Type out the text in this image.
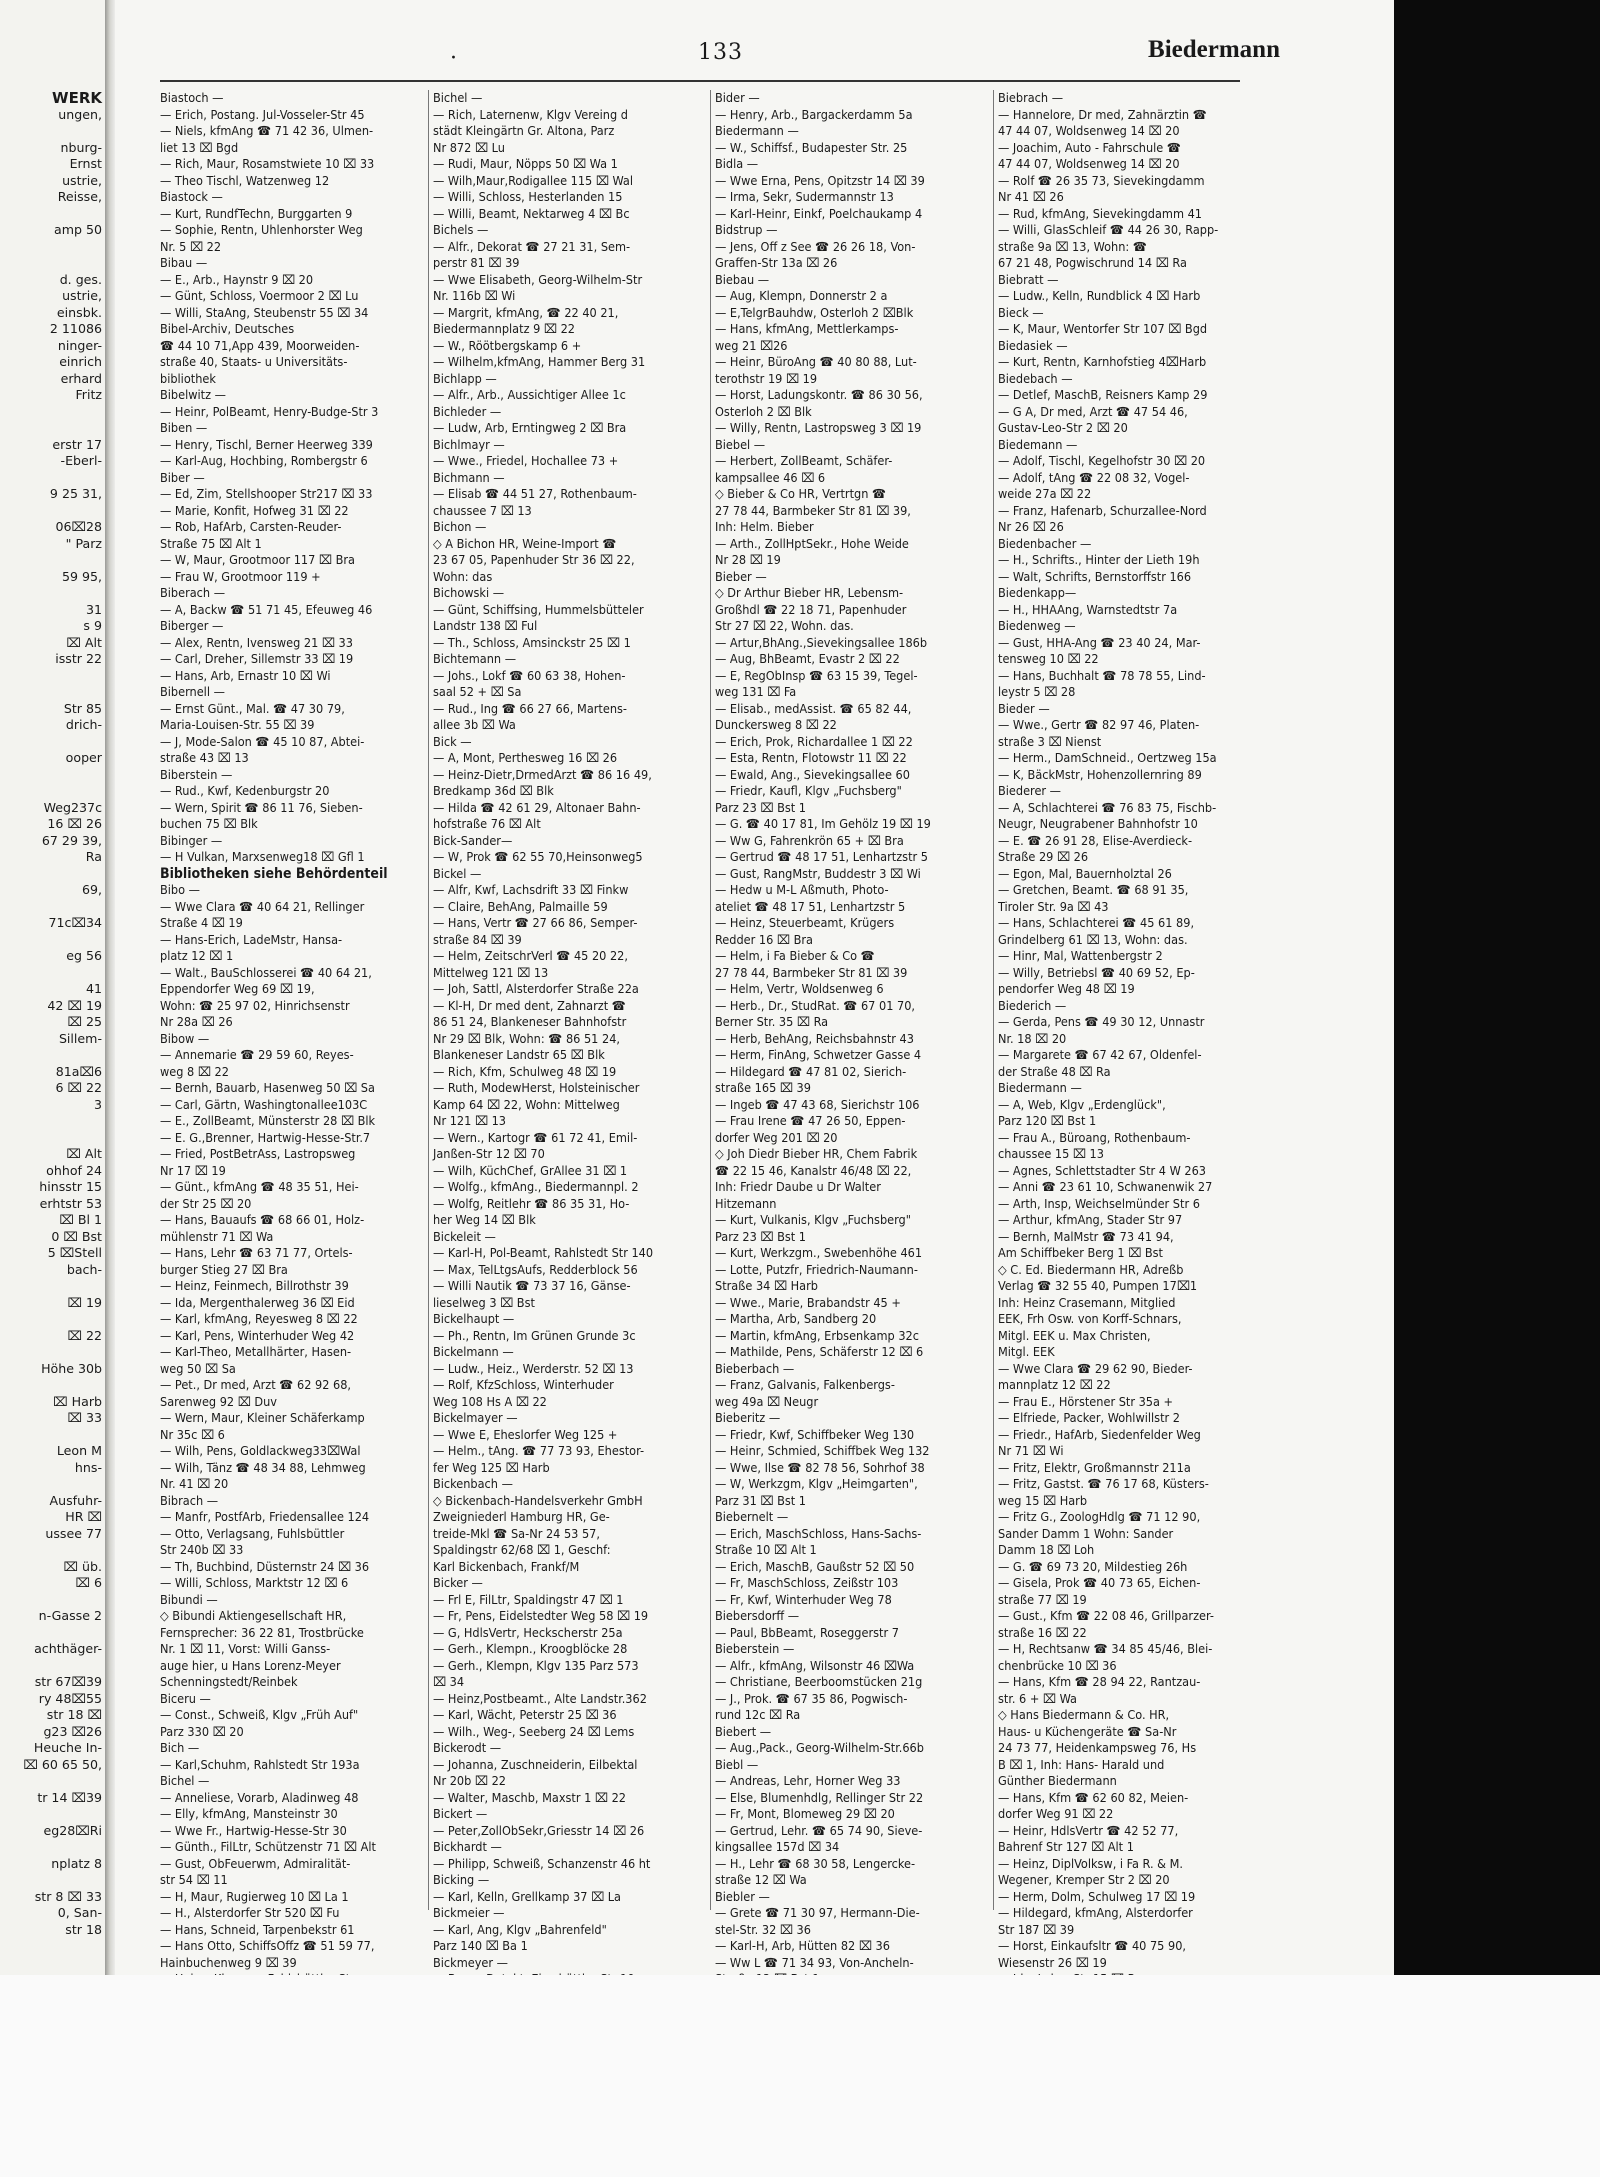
WERK
ungen,
nburg-
Ernst
ustrie,
Reisse,
amp 50
d. ges.
ustrie,
einsbk.
2 11086
ninger-
einrich
erhard
Fritz
erstr 17
-Eberl-
9 25 31,
06⌧28
" Parz
59 95,
31
s 9
⌧ Alt
isstr 22
Str 85
drich-
ooper
Weg237c
16 ⌧ 26
67 29 39,
Ra
69,
71c⌧34
eg 56
41
42 ⌧ 19
⌧ 25
Sillem-
81a⌧6
6 ⌧ 22
3
⌧ Alt
ohhof 24
hinsstr 15
erhtstr 53
⌧ Bl 1
0 ⌧ Bst
5 ⌧Stell
bach-
⌧ 19
⌧ 22
Höhe 30b
⌧ Harb
⌧ 33
Leon M
hns-
Ausfuhr-
HR ⌧
ussee 77
⌧ üb.
⌧ 6
n-Gasse 2
achthäger-
str 67⌧39
ry 48⌧55
str 18 ⌧
g23 ⌧26
Heuche In-
⌧ 60 65 50,
tr 14 ⌧39
eg28⌧Ri
nplatz 8
str 8 ⌧ 33
0, San-
str 18
·	133	Biedermann
Biastoch —
— Erich, Postang. Jul-Vosseler-Str 45
— Niels, kfmAng ☎ 71 42 36, Ulmen-
liet 13 ⌧ Bgd
— Rich, Maur, Rosamstwiete 10 ⌧ 33
— Theo Tischl, Watzenweg 12
Biastock —
— Kurt, RundfTechn, Burggarten 9
— Sophie, Rentn, Uhlenhorster Weg
Nr. 5 ⌧ 22
Bibau —
— E., Arb., Haynstr 9 ⌧ 20
— Günt, Schloss, Voermoor 2 ⌧ Lu
— Willi, StaAng, Steubenstr 55 ⌧ 34
Bibel-Archiv, Deutsches
☎ 44 10 71,App 439, Moorweiden-
straße 40, Staats- u Universitäts-
bibliothek
Bibelwitz —
— Heinr, PolBeamt, Henry-Budge-Str 3
Biben —
— Henry, Tischl, Berner Heerweg 339
— Karl-Aug, Hochbing, Rombergstr 6
Biber —
— Ed, Zim, Stellshooper Str217 ⌧ 33
— Marie, Konfit, Hofweg 31 ⌧ 22
— Rob, HafArb, Carsten-Reuder-
Straße 75 ⌧ Alt 1
— W, Maur, Grootmoor 117 ⌧ Bra
— Frau W, Grootmoor 119 +
Biberach —
— A, Backw ☎ 51 71 45, Efeuweg 46
Biberger —
— Alex, Rentn, Ivensweg 21 ⌧ 33
— Carl, Dreher, Sillemstr 33 ⌧ 19
— Hans, Arb, Ernastr 10 ⌧ Wi
Bibernell —
— Ernst Günt., Mal. ☎ 47 30 79,
Maria-Louisen-Str. 55 ⌧ 39
— J, Mode-Salon ☎ 45 10 87, Abtei-
straße 43 ⌧ 13
Biberstein —
— Rud., Kwf, Kedenburgstr 20
— Wern, Spirit ☎ 86 11 76, Sieben-
buchen 75 ⌧ Blk
Bibinger —
— H Vulkan, Marxsenweg18 ⌧ Gfl 1
Bibliotheken siehe Behördenteil
Bibo —
— Wwe Clara ☎ 40 64 21, Rellinger
Straße 4 ⌧ 19
— Hans-Erich, LadeMstr, Hansa-
platz 12 ⌧ 1
— Walt., BauSchlosserei ☎ 40 64 21,
Eppendorfer Weg 69 ⌧ 19,
Wohn: ☎ 25 97 02, Hinrichsenstr
Nr 28a ⌧ 26
Bibow —
— Annemarie ☎ 29 59 60, Reyes-
weg 8 ⌧ 22
— Bernh, Bauarb, Hasenweg 50 ⌧ Sa
— Carl, Gärtn, Washingtonallee103C
— E., ZollBeamt, Münsterstr 28 ⌧ Blk
— E. G.,Brenner, Hartwig-Hesse-Str.7
— Fried, PostBetrAss, Lastropsweg
Nr 17 ⌧ 19
— Günt., kfmAng ☎ 48 35 51, Hei-
der Str 25 ⌧ 20
— Hans, Bauaufs ☎ 68 66 01, Holz-
mühlenstr 71 ⌧ Wa
— Hans, Lehr ☎ 63 71 77, Ortels-
burger Stieg 27 ⌧ Bra
— Heinz, Feinmech, Billrothstr 39
— Ida, Mergenthalerweg 36 ⌧ Eid
— Karl, kfmAng, Reyesweg 8 ⌧ 22
— Karl, Pens, Winterhuder Weg 42
— Karl-Theo, Metallhärter, Hasen-
weg 50 ⌧ Sa
— Pet., Dr med, Arzt ☎ 62 92 68,
Sarenweg 92 ⌧ Duv
— Wern, Maur, Kleiner Schäferkamp
Nr 35c ⌧ 6
— Wilh, Pens, Goldlackweg33⌧Wal
— Wilh, Tänz ☎ 48 34 88, Lehmweg
Nr. 41 ⌧ 20
Bibrach —
— Manfr, PostfArb, Friedensallee 124
— Otto, Verlagsang, Fuhlsbüttler
Str 240b ⌧ 33
— Th, Buchbind, Düsternstr 24 ⌧ 36
— Willi, Schloss, Marktstr 12 ⌧ 6
Bibundi —
◇ Bibundi Aktiengesellschaft HR,
Fernsprecher: 36 22 81, Trostbrücke
Nr. 1 ⌧ 11, Vorst: Willi Ganss-
auge hier, u Hans Lorenz-Meyer
Schenningstedt/Reinbek
Biceru —
— Const., Schweiß, Klgv „Früh Auf"
Parz 330 ⌧ 20
Bich —
— Karl,Schuhm, Rahlstedt Str 193a
Bichel —
— Anneliese, Vorarb, Aladinweg 48
— Elly, kfmAng, Mansteinstr 30
— Wwe Fr., Hartwig-Hesse-Str 30
— Günth., FilLtr, Schützenstr 71 ⌧ Alt
— Gust, ObFeuerwm, Admiralität-
str 54 ⌧ 11
— H, Maur, Rugierweg 10 ⌧ La 1
— H., Alsterdorfer Str 520 ⌧ Fu
— Hans, Schneid, Tarpenbekstr 61
— Hans Otto, SchiffsOffz ☎ 51 59 77,
Hainbuchenweg 9 ⌧ 39
Bichel —
— Rich, Laternenw, Klgv Vereing d
städt Kleingärtn Gr. Altona, Parz
Nr 872 ⌧ Lu
— Rudi, Maur, Nöpps 50 ⌧ Wa 1
— Wilh,Maur,Rodigallee 115 ⌧ Wal
— Willi, Schloss, Hesterlanden 15
— Willi, Beamt, Nektarweg 4 ⌧ Bc
Bichels —
— Alfr., Dekorat ☎ 27 21 31, Sem-
perstr 81 ⌧ 39
— Wwe Elisabeth, Georg-Wilhelm-Str
Nr. 116b ⌧ Wi
— Margrit, kfmAng, ☎ 22 40 21,
Biedermannplatz 9 ⌧ 22
— W., Röötbergskamp 6 +
— Wilhelm,kfmAng, Hammer Berg 31
Bichlapp —
— Alfr., Arb., Aussichtiger Allee 1c
Bichleder —
— Ludw, Arb, Erntingweg 2 ⌧ Bra
Bichlmayr —
— Wwe., Friedel, Hochallee 73 +
Bichmann —
— Elisab ☎ 44 51 27, Rothenbaum-
chaussee 7 ⌧ 13
Bichon —
◇ A Bichon HR, Weine-Import ☎
23 67 05, Papenhuder Str 36 ⌧ 22,
Wohn: das
Bichowski —
— Günt, Schiffsing, Hummelsbütteler
Landstr 138 ⌧ Ful
— Th., Schloss, Amsinckstr 25 ⌧ 1
Bichtemann —
— Johs., Lokf ☎ 60 63 38, Hohen-
saal 52 + ⌧ Sa
— Rud., Ing ☎ 66 27 66, Martens-
allee 3b ⌧ Wa
Bick —
— A, Mont, Perthesweg 16 ⌧ 26
— Heinz-Dietr,DrmedArzt ☎ 86 16 49,
Bredkamp 36d ⌧ Blk
— Hilda ☎ 42 61 29, Altonaer Bahn-
hofstraße 76 ⌧ Alt
Bick-Sander—
— W, Prok ☎ 62 55 70,Heinsonweg5
Bickel —
— Alfr, Kwf, Lachsdrift 33 ⌧ Finkw
— Claire, BehAng, Palmaille 59
— Hans, Vertr ☎ 27 66 86, Semper-
straße 84 ⌧ 39
— Helm, ZeitschrVerl ☎ 45 20 22,
Mittelweg 121 ⌧ 13
— Joh, Sattl, Alsterdorfer Straße 22a
— Kl-H, Dr med dent, Zahnarzt ☎
86 51 24, Blankeneser Bahnhofstr
Nr 29 ⌧ Blk, Wohn: ☎ 86 51 24,
Blankeneser Landstr 65 ⌧ Blk
— Rich, Kfm, Schulweg 48 ⌧ 19
— Ruth, ModewHerst, Holsteinischer
Kamp 64 ⌧ 22, Wohn: Mittelweg
Nr 121 ⌧ 13
— Wern., Kartogr ☎ 61 72 41, Emil-
Janßen-Str 12 ⌧ 70
— Wilh, KüchChef, GrAllee 31 ⌧ 1
— Wolfg., kfmAng., Biedermannpl. 2
— Wolfg, Reitlehr ☎ 86 35 31, Ho-
her Weg 14 ⌧ Blk
Bickeleit —
— Karl-H, Pol-Beamt, Rahlstedt Str 140
— Max, TelLtgsAufs, Redderblock 56
— Willi Nautik ☎ 73 37 16, Gänse-
lieselweg 3 ⌧ Bst
Bickelhaupt —
— Ph., Rentn, Im Grünen Grunde 3c
Bickelmann —
— Ludw., Heiz., Werderstr. 52 ⌧ 13
— Rolf, KfzSchloss, Winterhuder
Weg 108 Hs A ⌧ 22
Bickelmayer —
— Wwe E, Eheslorfer Weg 125 +
— Helm., tAng. ☎ 77 73 93, Ehestor-
fer Weg 125 ⌧ Harb
Bickenbach —
◇ Bickenbach-Handelsverkehr GmbH
Zweigniederl Hamburg HR, Ge-
treide-Mkl ☎ Sa-Nr 24 53 57,
Spaldingstr 62/68 ⌧ 1, Geschf:
Karl Bickenbach, Frankf/M
Bicker —
— Frl E, FilLtr, Spaldingstr 47 ⌧ 1
— Fr, Pens, Eidelstedter Weg 58 ⌧ 19
— G, HdlsVertr, Heckscherstr 25a
— Gerh., Klempn., Kroogblöcke 28
— Gerh., Klempn, Klgv 135 Parz 573
⌧ 34
— Heinz,Postbeamt., Alte Landstr.362
— Karl, Wächt, Peterstr 25 ⌧ 36
— Wilh., Weg-, Seeberg 24 ⌧ Lems
Bickerodt —
— Johanna, Zuschneiderin, Eilbektal
Nr 20b ⌧ 22
— Walter, Maschb, Maxstr 1 ⌧ 22
Bickert —
— Peter,ZollObSekr,Griesstr 14 ⌧ 26
Bickhardt —
— Philipp, Schweiß, Schanzenstr 46 ht
Bicking —
— Karl, Kelln, Grellkamp 37 ⌧ La
Bickmeier —
— Karl, Ang, Klgv „Bahrenfeld"
Parz 140 ⌧ Ba 1
Bickmeyer —
Bider —
— Henry, Arb., Bargackerdamm 5a
Biedermann —
— W., Schiffsf., Budapester Str. 25
Bidla —
— Wwe Erna, Pens, Opitzstr 14 ⌧ 39
— Irma, Sekr, Sudermannstr 13
— Karl-Heinr, Einkf, Poelchaukamp 4
Bidstrup —
— Jens, Off z See ☎ 26 26 18, Von-
Graffen-Str 13a ⌧ 26
Biebau —
— Aug, Klempn, Donnerstr 2 a
— E,TelgrBauhdw, Osterloh 2 ⌧Blk
— Hans, kfmAng, Mettlerkamps-
weg 21 ⌧26
— Heinr, BüroAng ☎ 40 80 88, Lut-
terothstr 19 ⌧ 19
— Horst, Ladungskontr. ☎ 86 30 56,
Osterloh 2 ⌧ Blk
— Willy, Rentn, Lastropsweg 3 ⌧ 19
Biebel —
— Herbert, ZollBeamt, Schäfer-
kampsallee 46 ⌧ 6
◇ Bieber & Co HR, Vertrtgn ☎
27 78 44, Barmbeker Str 81 ⌧ 39,
Inh: Helm. Bieber
— Arth., ZollHptSekr., Hohe Weide
Nr 28 ⌧ 19
Bieber —
◇ Dr Arthur Bieber HR, Lebensm-
Großhdl ☎ 22 18 71, Papenhuder
Str 27 ⌧ 22, Wohn. das.
— Artur,BhAng.,Sievekingsallee 186b
— Aug, BhBeamt, Evastr 2 ⌧ 22
— E, RegObInsp ☎ 63 15 39, Tegel-
weg 131 ⌧ Fa
— Elisab., medAssist. ☎ 65 82 44,
Dunckersweg 8 ⌧ 22
— Erich, Prok, Richardallee 1 ⌧ 22
— Esta, Rentn, Flotowstr 11 ⌧ 22
— Ewald, Ang., Sievekingsallee 60
— Friedr, Kaufl, Klgv „Fuchsberg"
Parz 23 ⌧ Bst 1
— G. ☎ 40 17 81, Im Gehölz 19 ⌧ 19
— Ww G, Fahrenkrön 65 + ⌧ Bra
— Gertrud ☎ 48 17 51, Lenhartzstr 5
— Gust, RangMstr, Buddestr 3 ⌧ Wi
— Hedw u M-L Aßmuth, Photo-
ateliet ☎ 48 17 51, Lenhartzstr 5
— Heinz, Steuerbeamt, Krügers
Redder 16 ⌧ Bra
— Helm, i Fa Bieber & Co ☎
27 78 44, Barmbeker Str 81 ⌧ 39
— Helm, Vertr, Woldsenweg 6
— Herb., Dr., StudRat. ☎ 67 01 70,
Berner Str. 35 ⌧ Ra
— Herb, BehAng, Reichsbahnstr 43
— Herm, FinAng, Schwetzer Gasse 4
— Hildegard ☎ 47 81 02, Sierich-
straße 165 ⌧ 39
— Ingeb ☎ 47 43 68, Sierichstr 106
— Frau Irene ☎ 47 26 50, Eppen-
dorfer Weg 201 ⌧ 20
◇ Joh Diedr Bieber HR, Chem Fabrik
☎ 22 15 46, Kanalstr 46/48 ⌧ 22,
Inh: Friedr Daube u Dr Walter
Hitzemann
— Kurt, Vulkanis, Klgv „Fuchsberg"
Parz 23 ⌧ Bst 1
— Kurt, Werkzgm., Swebenhöhe 461
— Lotte, Putzfr, Friedrich-Naumann-
Straße 34 ⌧ Harb
— Wwe., Marie, Brabandstr 45 +
— Martha, Arb, Sandberg 20
— Martin, kfmAng, Erbsenkamp 32c
— Mathilde, Pens, Schäferstr 12 ⌧ 6
Bieberbach —
— Franz, Galvanis, Falkenbergs-
weg 49a ⌧ Neugr
Bieberitz —
— Friedr, Kwf, Schiffbeker Weg 130
— Heinr, Schmied, Schiffbek Weg 132
— Wwe, Ilse ☎ 82 78 56, Sohrhof 38
— W, Werkzgm, Klgv „Heimgarten",
Parz 31 ⌧ Bst 1
Biebernelt —
— Erich, MaschSchloss, Hans-Sachs-
Straße 10 ⌧ Alt 1
— Erich, MaschB, Gaußstr 52 ⌧ 50
— Fr, MaschSchloss, Zeißstr 103
— Fr, Kwf, Winterhuder Weg 78
Biebersdorff —
— Paul, BbBeamt, Roseggerstr 7
Bieberstein —
— Alfr., kfmAng, Wilsonstr 46 ⌧Wa
— Christiane, Beerboomstücken 21g
— J., Prok. ☎ 67 35 86, Pogwisch-
rund 12c ⌧ Ra
Biebert —
— Aug.,Pack., Georg-Wilhelm-Str.66b
Biebl —
— Andreas, Lehr, Horner Weg 33
— Else, Blumenhdlg, Rellinger Str 22
— Fr, Mont, Blomeweg 29 ⌧ 20
— Gertrud, Lehr. ☎ 65 74 90, Sieve-
kingsallee 157d ⌧ 34
— H., Lehr ☎ 68 30 58, Lengercke-
straße 12 ⌧ Wa
Biebler —
— Grete ☎ 71 30 97, Hermann-Die-
stel-Str. 32 ⌧ 36
— Karl-H, Arb, Hütten 82 ⌧ 36
— Ww L ☎ 71 34 93, Von-Ancheln-
Biebrach —
— Hannelore, Dr med, Zahnärztin ☎
47 44 07, Woldsenweg 14 ⌧ 20
— Joachim, Auto - Fahrschule ☎
47 44 07, Woldsenweg 14 ⌧ 20
— Rolf ☎ 26 35 73, Sievekingdamm
Nr 41 ⌧ 26
— Rud, kfmAng, Sievekingdamm 41
— Willi, GlasSchleif ☎ 44 26 30, Rapp-
straße 9a ⌧ 13, Wohn: ☎
67 21 48, Pogwischrund 14 ⌧ Ra
Biebratt —
— Ludw., Kelln, Rundblick 4 ⌧ Harb
Bieck —
— K, Maur, Wentorfer Str 107 ⌧ Bgd
Biedasiek —
— Kurt, Rentn, Karnhofstieg 4⌧Harb
Biedebach —
— Detlef, MaschB, Reisners Kamp 29
— G A, Dr med, Arzt ☎ 47 54 46,
Gustav-Leo-Str 2 ⌧ 20
Biedemann —
— Adolf, Tischl, Kegelhofstr 30 ⌧ 20
— Adolf, tAng ☎ 22 08 32, Vogel-
weide 27a ⌧ 22
— Franz, Hafenarb, Schurzallee-Nord
Nr 26 ⌧ 26
Biedenbacher —
— H., Schrifts., Hinter der Lieth 19h
— Walt, Schrifts, Bernstorffstr 166
Biedenkapp—
— H., HHAAng, Warnstedtstr 7a
Biedenweg —
— Gust, HHA-Ang ☎ 23 40 24, Mar-
tensweg 10 ⌧ 22
— Hans, Buchhalt ☎ 78 78 55, Lind-
leystr 5 ⌧ 28
Bieder —
— Wwe., Gertr ☎ 82 97 46, Platen-
straße 3 ⌧ Nienst
— Herm., DamSchneid., Oertzweg 15a
— K, BäckMstr, Hohenzollernring 89
Biederer —
— A, Schlachterei ☎ 76 83 75, Fischb-
Neugr, Neugrabener Bahnhofstr 10
— E. ☎ 26 91 28, Elise-Averdieck-
Straße 29 ⌧ 26
— Egon, Mal, Bauernholztal 26
— Gretchen, Beamt. ☎ 68 91 35,
Tiroler Str. 9a ⌧ 43
— Hans, Schlachterei ☎ 45 61 89,
Grindelberg 61 ⌧ 13, Wohn: das.
— Hinr, Mal, Wattenbergstr 2
— Willy, Betriebsl ☎ 40 69 52, Ep-
pendorfer Weg 48 ⌧ 19
Biederich —
— Gerda, Pens ☎ 49 30 12, Unnastr
Nr. 18 ⌧ 20
— Margarete ☎ 67 42 67, Oldenfel-
der Straße 48 ⌧ Ra
Biedermann —
— A, Web, Klgv „Erdenglück",
Parz 120 ⌧ Bst 1
— Frau A., Büroang, Rothenbaum-
chaussee 15 ⌧ 13
— Agnes, Schlettstadter Str 4 W 263
— Anni ☎ 23 61 10, Schwanenwik 27
— Arth, Insp, Weichselmünder Str 6
— Arthur, kfmAng, Stader Str 97
— Bernh, MalMstr ☎ 73 41 94,
Am Schiffbeker Berg 1 ⌧ Bst
◇ C. Ed. Biedermann HR, Adreßb
Verlag ☎ 32 55 40, Pumpen 17⌧1
Inh: Heinz Crasemann, Mitglied
EEK, Frh Osw. von Korff-Schnars,
Mitgl. EEK u. Max Christen,
Mitgl. EEK
— Wwe Clara ☎ 29 62 90, Bieder-
mannplatz 12 ⌧ 22
— Frau E., Hörstener Str 35a +
— Elfriede, Packer, Wohlwillstr 2
— Friedr., HafArb, Siedenfelder Weg
Nr 71 ⌧ Wi
— Fritz, Elektr, Großmannstr 211a
— Fritz, Gastst. ☎ 76 17 68, Küsters-
weg 15 ⌧ Harb
— Fritz G., ZoologHdlg ☎ 71 12 90,
Sander Damm 1 Wohn: Sander
Damm 18 ⌧ Loh
— G. ☎ 69 73 20, Mildestieg 26h
— Gisela, Prok ☎ 40 73 65, Eichen-
straße 77 ⌧ 19
— Gust., Kfm ☎ 22 08 46, Grillparzer-
straße 16 ⌧ 22
— H, Rechtsanw ☎ 34 85 45/46, Blei-
chenbrücke 10 ⌧ 36
— Hans, Kfm ☎ 28 94 22, Rantzau-
str. 6 + ⌧ Wa
◇ Hans Biedermann & Co. HR,
Haus- u Küchengeräte ☎ Sa-Nr
24 73 77, Heidenkampsweg 76, Hs
B ⌧ 1, Inh: Hans- Harald und
Günther Biedermann
— Hans, Kfm ☎ 62 60 82, Meien-
dorfer Weg 91 ⌧ 22
— Heinr, HdlsVertr ☎ 42 52 77,
Bahrenf Str 127 ⌧ Alt 1
— Heinz, DiplVolksw, i Fa R. & M.
Wegener, Kremper Str 2 ⌧ 20
— Herm, Dolm, Schulweg 17 ⌧ 19
— Hildegard, kfmAng, Alsterdorfer
Str 187 ⌧ 39
— Horst, Einkaufsltr ☎ 40 75 90,
Wiesenstr 26 ⌧ 19
